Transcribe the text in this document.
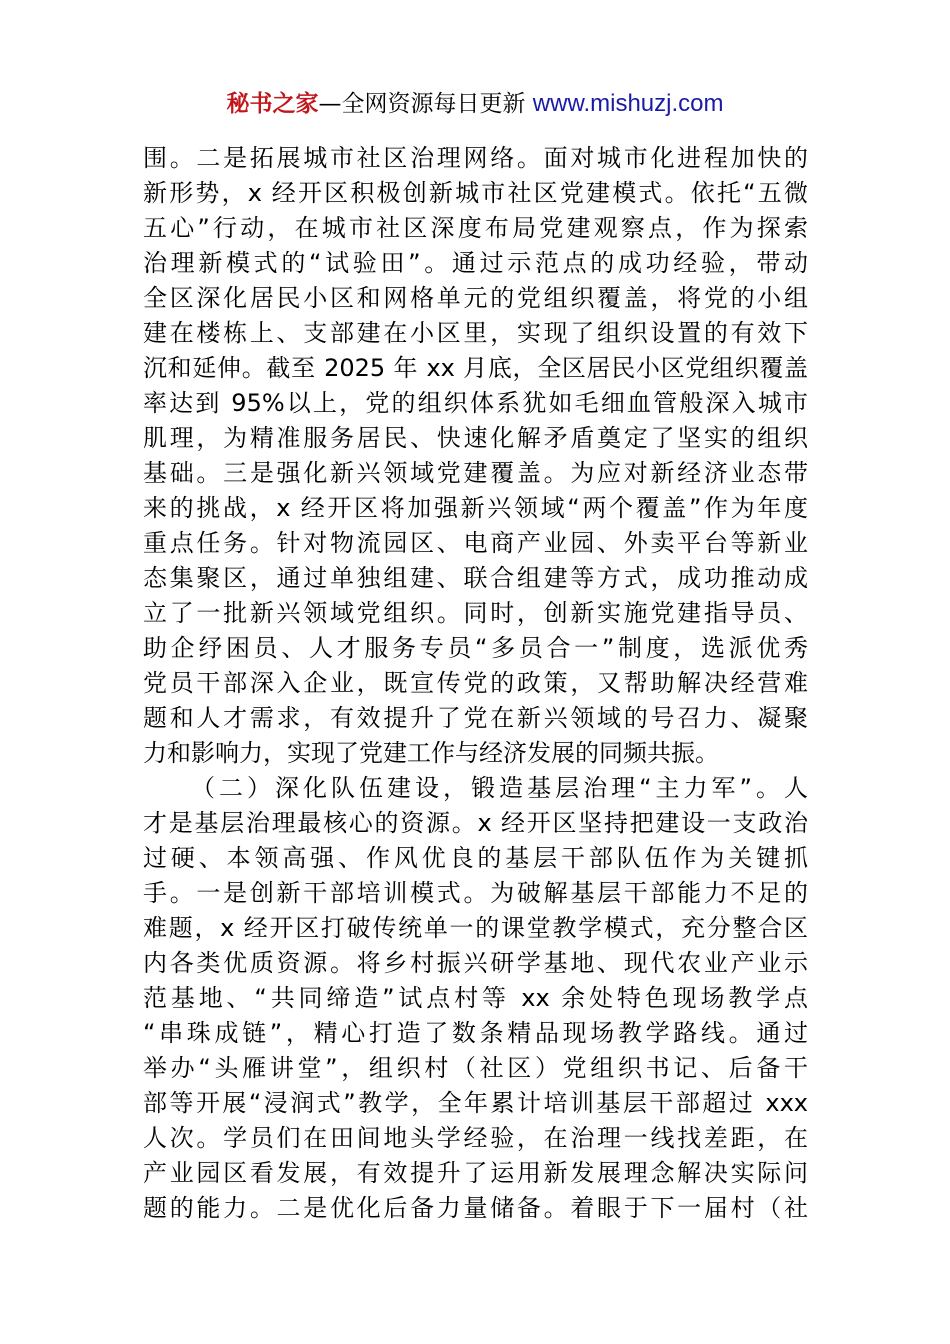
秘书之家—全网资源每日更新 www.mishuzj.com
围。二是拓展城市社区治理网络。面对城市化进程加快的
新形势，x 经开区积极创新城市社区党建模式。依托“五微
五心”行动，在城市社区深度布局党建观察点，作为探索
治理新模式的“试验田”。通过示范点的成功经验，带动
全区深化居民小区和网格单元的党组织覆盖，将党的小组
建在楼栋上、支部建在小区里，实现了组织设置的有效下
沉和延伸。截至 2025 年 xx 月底，全区居民小区党组织覆盖
率达到 95%以上，党的组织体系犹如毛细血管般深入城市
肌理，为精准服务居民、快速化解矛盾奠定了坚实的组织
基础。三是强化新兴领域党建覆盖。为应对新经济业态带
来的挑战，x 经开区将加强新兴领域“两个覆盖”作为年度
重点任务。针对物流园区、电商产业园、外卖平台等新业
态集聚区，通过单独组建、联合组建等方式，成功推动成
立了一批新兴领域党组织。同时，创新实施党建指导员、
助企纾困员、人才服务专员“多员合一”制度，选派优秀
党员干部深入企业，既宣传党的政策，又帮助解决经营难
题和人才需求，有效提升了党在新兴领域的号召力、凝聚
力和影响力，实现了党建工作与经济发展的同频共振。
（二）深化队伍建设，锻造基层治理“主力军”。人
才是基层治理最核心的资源。x 经开区坚持把建设一支政治
过硬、本领高强、作风优良的基层干部队伍作为关键抓
手。一是创新干部培训模式。为破解基层干部能力不足的
难题，x 经开区打破传统单一的课堂教学模式，充分整合区
内各类优质资源。将乡村振兴研学基地、现代农业产业示
范基地、“共同缔造”试点村等 xx 余处特色现场教学点
“串珠成链”，精心打造了数条精品现场教学路线。通过
举办“头雁讲堂”，组织村（社区）党组织书记、后备干
部等开展“浸润式”教学，全年累计培训基层干部超过 xxx
人次。学员们在田间地头学经验，在治理一线找差距，在
产业园区看发展，有效提升了运用新发展理念解决实际问
题的能力。二是优化后备力量储备。着眼于下一届村（社
